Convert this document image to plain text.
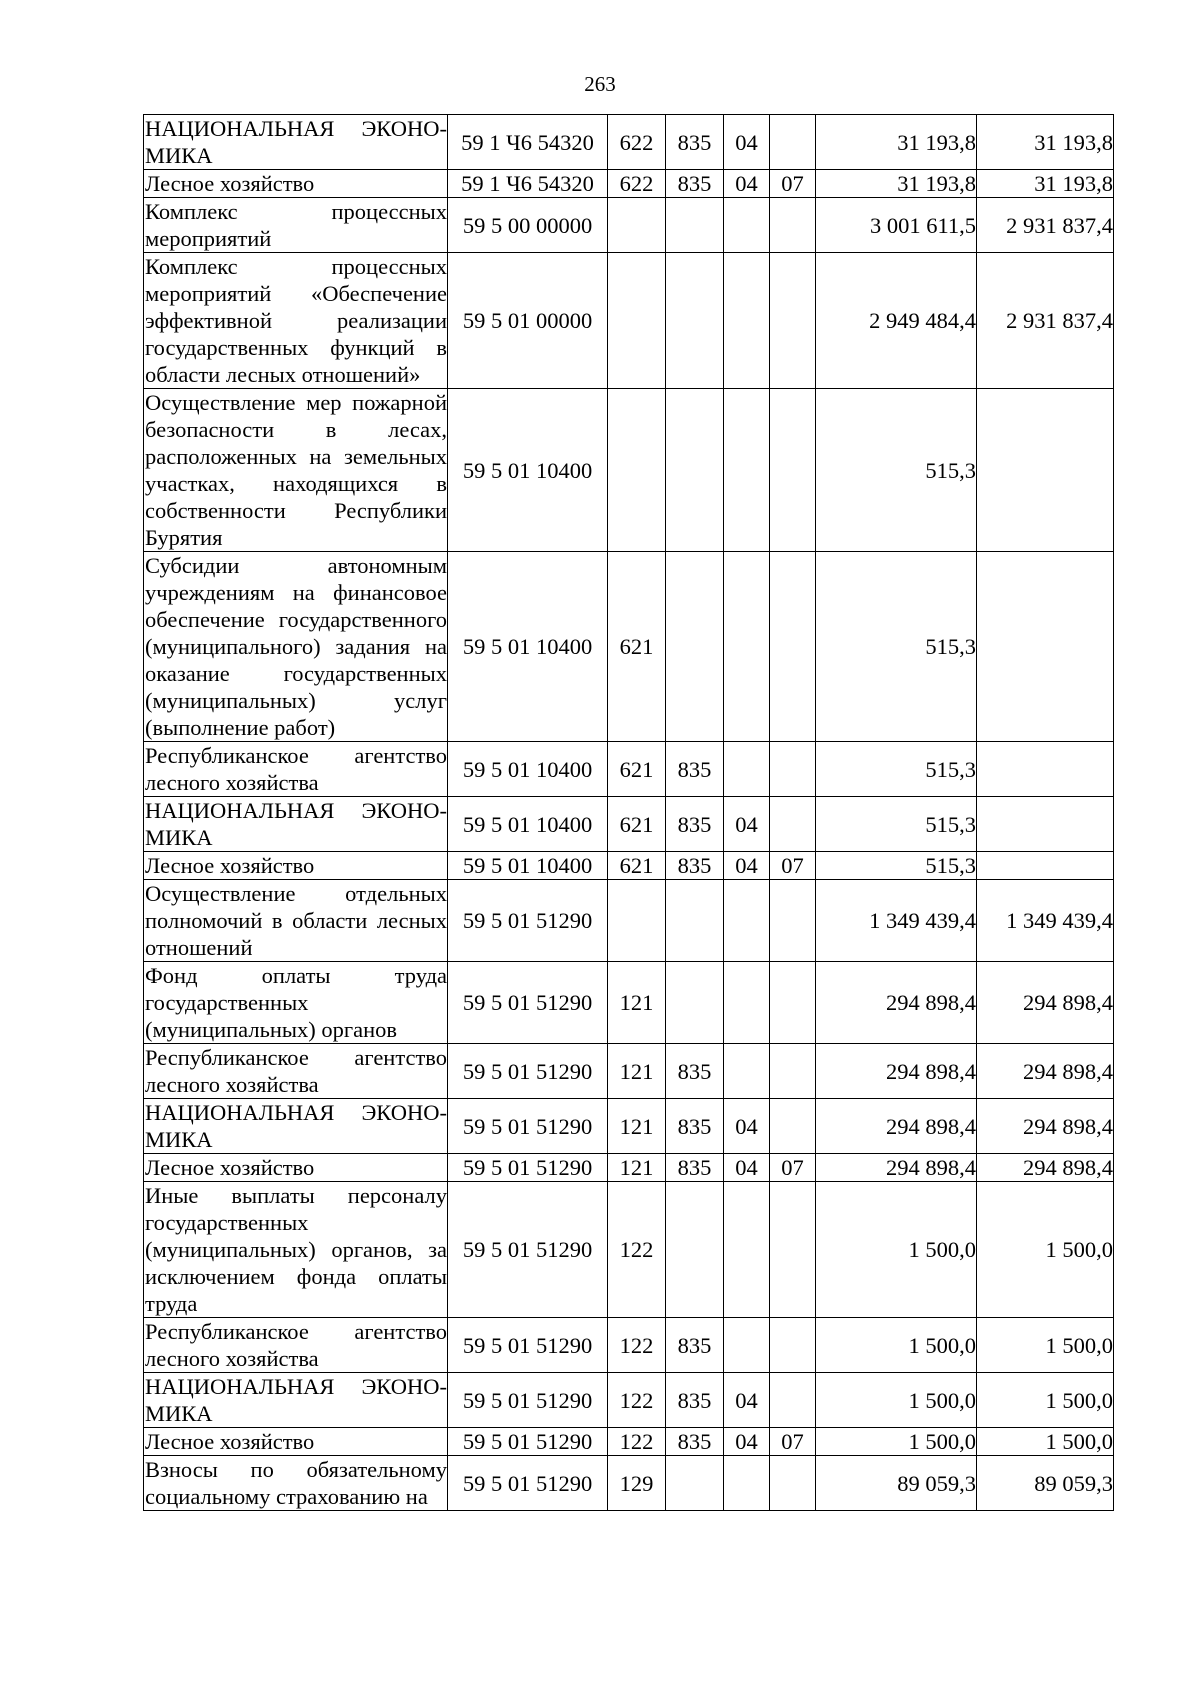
263
НАЦИОНАЛЬНАЯ ЭКОНО-МИКА	59 1 Ч6 54320	622	835	04		31 193,8	31 193,8
Лесное хозяйство	59 1 Ч6 54320	622	835	04	07	31 193,8	31 193,8
Комплекс процессных мероприятий	59 5 00 00000					3 001 611,5	2 931 837,4
Комплекс процессных мероприятий «Обеспечение эффективной реализации государственных функций в области лесных отношений»	59 5 01 00000					2 949 484,4	2 931 837,4
Осуществление мер пожарной безопасности в лесах, расположенных на земельных участках, находящихся в собственности Республики Бурятия	59 5 01 10400					515,3	
Субсидии автономным учреждениям на финансовое обеспечение государственного (муниципального) задания на оказание государственных (муниципальных) услуг (выполнение работ)	59 5 01 10400	621				515,3	
Республиканское агентство лесного хозяйства	59 5 01 10400	621	835			515,3	
НАЦИОНАЛЬНАЯ ЭКОНО-МИКА	59 5 01 10400	621	835	04		515,3	
Лесное хозяйство	59 5 01 10400	621	835	04	07	515,3	
Осуществление отдельных полномочий в области лесных отношений	59 5 01 51290					1 349 439,4	1 349 439,4
Фонд оплаты труда государственных (муниципальных) органов	59 5 01 51290	121				294 898,4	294 898,4
Республиканское агентство лесного хозяйства	59 5 01 51290	121	835			294 898,4	294 898,4
НАЦИОНАЛЬНАЯ ЭКОНО-МИКА	59 5 01 51290	121	835	04		294 898,4	294 898,4
Лесное хозяйство	59 5 01 51290	121	835	04	07	294 898,4	294 898,4
Иные выплаты персоналу государственных (муниципальных) органов, за исключением фонда оплаты труда	59 5 01 51290	122				1 500,0	1 500,0
Республиканское агентство лесного хозяйства	59 5 01 51290	122	835			1 500,0	1 500,0
НАЦИОНАЛЬНАЯ ЭКОНО-МИКА	59 5 01 51290	122	835	04		1 500,0	1 500,0
Лесное хозяйство	59 5 01 51290	122	835	04	07	1 500,0	1 500,0
Взносы по обязательному социальному страхованию на	59 5 01 51290	129				89 059,3	89 059,3
